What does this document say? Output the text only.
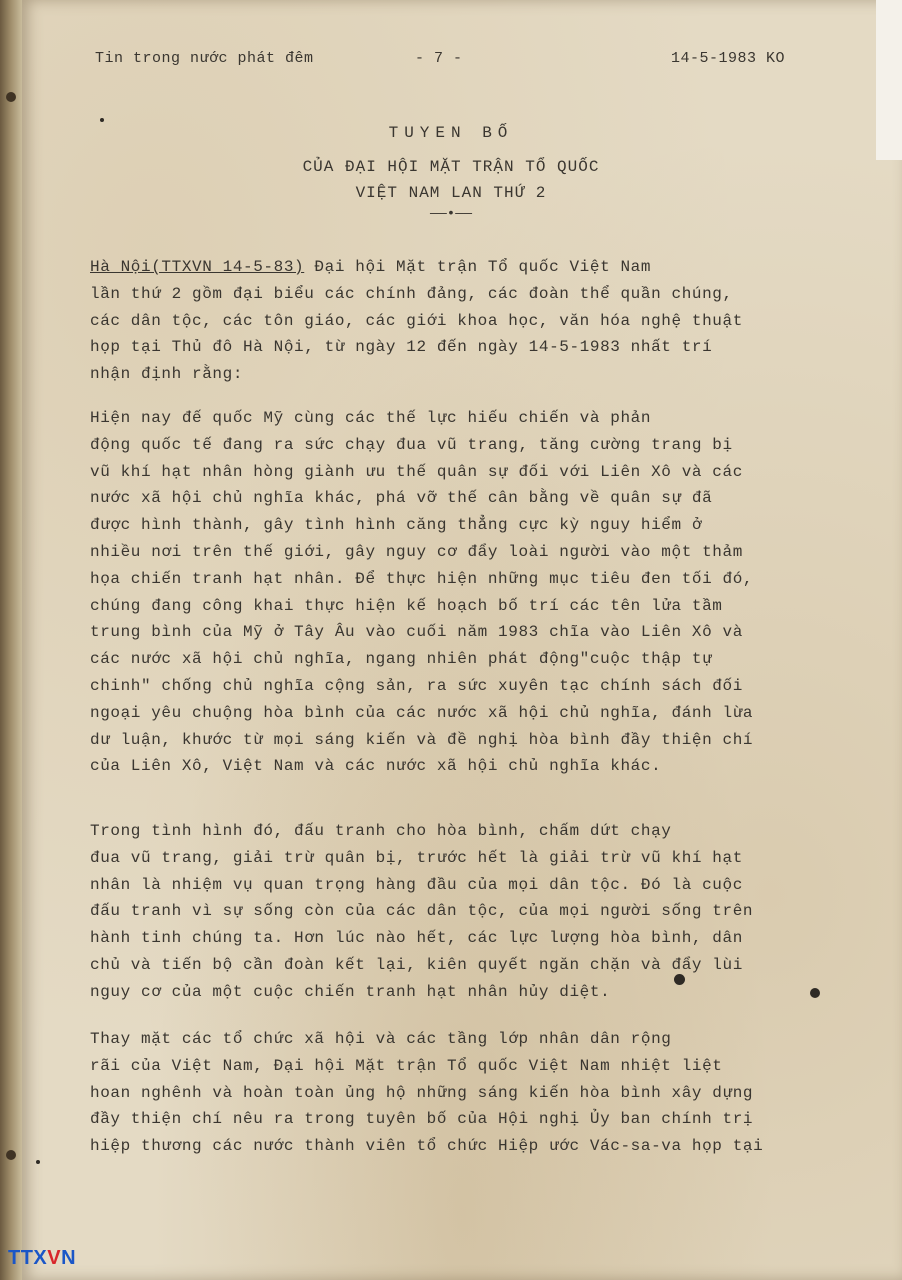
Tin trong nước phát đêm	- 7 -	14-5-1983 KO
TUYEN BỐ
CỦA ĐẠI HỘI MẶT TRẬN TỔ QUỐC
VIỆT NAM LAN THỨ 2
——•——
Hà Nội(TTXVN 14-5-83) Đại hội Mặt trận Tổ quốc Việt Nam
lần thứ 2 gồm đại biểu các chính đảng, các đoàn thể quần chúng,
các dân tộc, các tôn giáo, các giới khoa học, văn hóa nghệ thuật
họp tại Thủ đô Hà Nội, từ ngày 12 đến ngày 14-5-1983 nhất trí
nhận định rằng:
Hiện nay đế quốc Mỹ cùng các thế lực hiếu chiến và phản
động quốc tế đang ra sức chạy đua vũ trang, tăng cường trang bị
vũ khí hạt nhân hòng giành ưu thế quân sự đối với Liên Xô và các
nước xã hội chủ nghĩa khác, phá vỡ thế cân bằng về quân sự đã
được hình thành, gây tình hình căng thẳng cực kỳ nguy hiểm ở
nhiều nơi trên thế giới, gây nguy cơ đẩy loài người vào một thảm
họa chiến tranh hạt nhân. Để thực hiện những mục tiêu đen tối đó,
chúng đang công khai thực hiện kế hoạch bố trí các tên lửa tầm
trung bình của Mỹ ở Tây Âu vào cuối năm 1983 chĩa vào Liên Xô và
các nước xã hội chủ nghĩa, ngang nhiên phát động"cuộc thập tự
chinh" chống chủ nghĩa cộng sản, ra sức xuyên tạc chính sách đối
ngoại yêu chuộng hòa bình của các nước xã hội chủ nghĩa, đánh lừa
dư luận, khước từ mọi sáng kiến và đề nghị hòa bình đầy thiện chí
của Liên Xô, Việt Nam và các nước xã hội chủ nghĩa khác.
Trong tình hình đó, đấu tranh cho hòa bình, chấm dứt chạy
đua vũ trang, giải trừ quân bị, trước hết là giải trừ vũ khí hạt
nhân là nhiệm vụ quan trọng hàng đầu của mọi dân tộc. Đó là cuộc
đấu tranh vì sự sống còn của các dân tộc, của mọi người sống trên
hành tinh chúng ta. Hơn lúc nào hết, các lực lượng hòa bình, dân
chủ và tiến bộ cần đoàn kết lại, kiên quyết ngăn chặn và đẩy lùi
nguy cơ của một cuộc chiến tranh hạt nhân hủy diệt.
Thay mặt các tổ chức xã hội và các tầng lớp nhân dân rộng
rãi của Việt Nam, Đại hội Mặt trận Tổ quốc Việt Nam nhiệt liệt
hoan nghênh và hoàn toàn ủng hộ những sáng kiến hòa bình xây dựng
đầy thiện chí nêu ra trong tuyên bố của Hội nghị Ủy ban chính trị
hiệp thương các nước thành viên tổ chức Hiệp ước Vác-sa-va họp tại
TTXVN
